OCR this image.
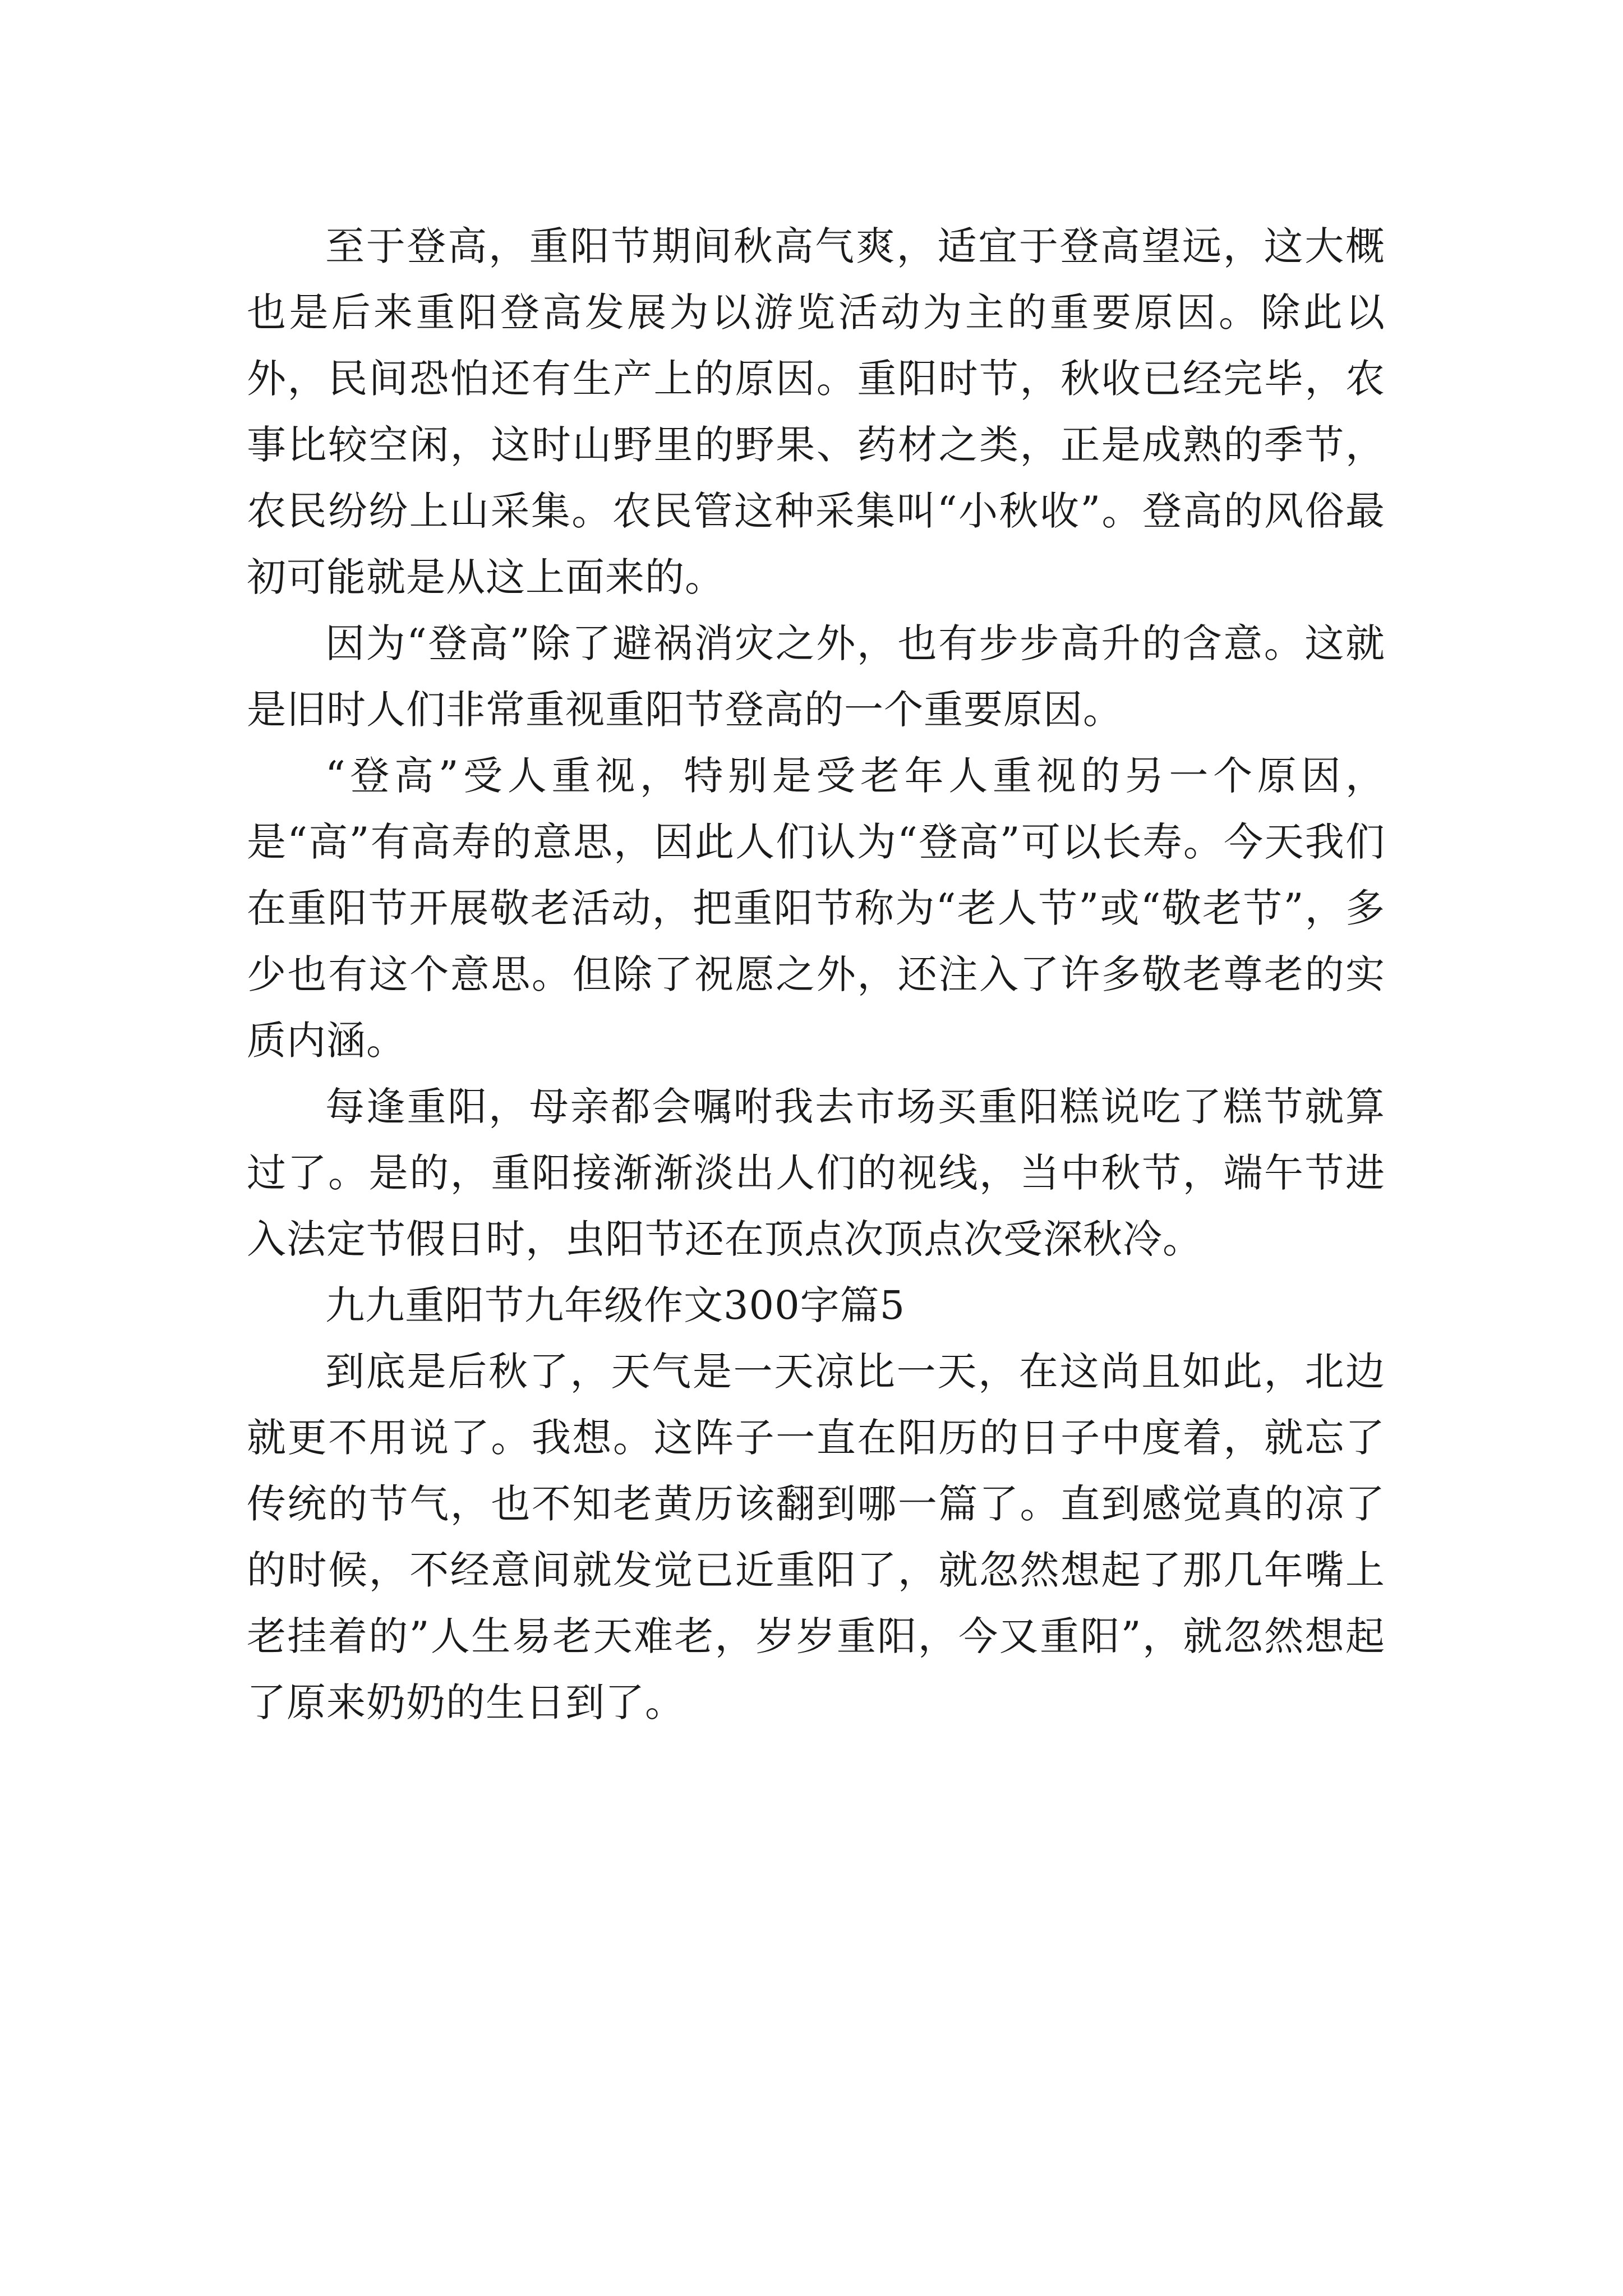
至于登高，重阳节期间秋高气爽，适宜于登高望远，这大概也是后来重阳登高发展为以游览活动为主的重要原因。除此以外，民间恐怕还有生产上的原因。重阳时节，秋收已经完毕，农事比较空闲，这时山野里的野果、药材之类，正是成熟的季节，农民纷纷上山采集。农民管这种采集叫“小秋收”。登高的风俗最初可能就是从这上面来的。

因为“登高”除了避祸消灾之外，也有步步高升的含意。这就是旧时人们非常重视重阳节登高的一个重要原因。

“登高”受人重视，特别是受老年人重视的另一个原因，是“高”有高寿的意思，因此人们认为“登高”可以长寿。今天我们在重阳节开展敬老活动，把重阳节称为“老人节”或“敬老节”，多少也有这个意思。但除了祝愿之外，还注入了许多敬老尊老的实质内涵。

每逢重阳，母亲都会嘱咐我去市场买重阳糕说吃了糕节就算过了。是的，重阳接渐渐淡出人们的视线，当中秋节，端午节进入法定节假日时，虫阳节还在顶点次顶点次受深秋冷。

九九重阳节九年级作文300字篇5

到底是后秋了，天气是一天凉比一天，在这尚且如此，北边就更不用说了。我想。这阵子一直在阳历的日子中度着，就忘了传统的节气，也不知老黄历该翻到哪一篇了。直到感觉真的凉了的时候，不经意间就发觉已近重阳了，就忽然想起了那几年嘴上老挂着的”人生易老天难老，岁岁重阳，今又重阳”，就忽然想起了原来奶奶的生日到了。
